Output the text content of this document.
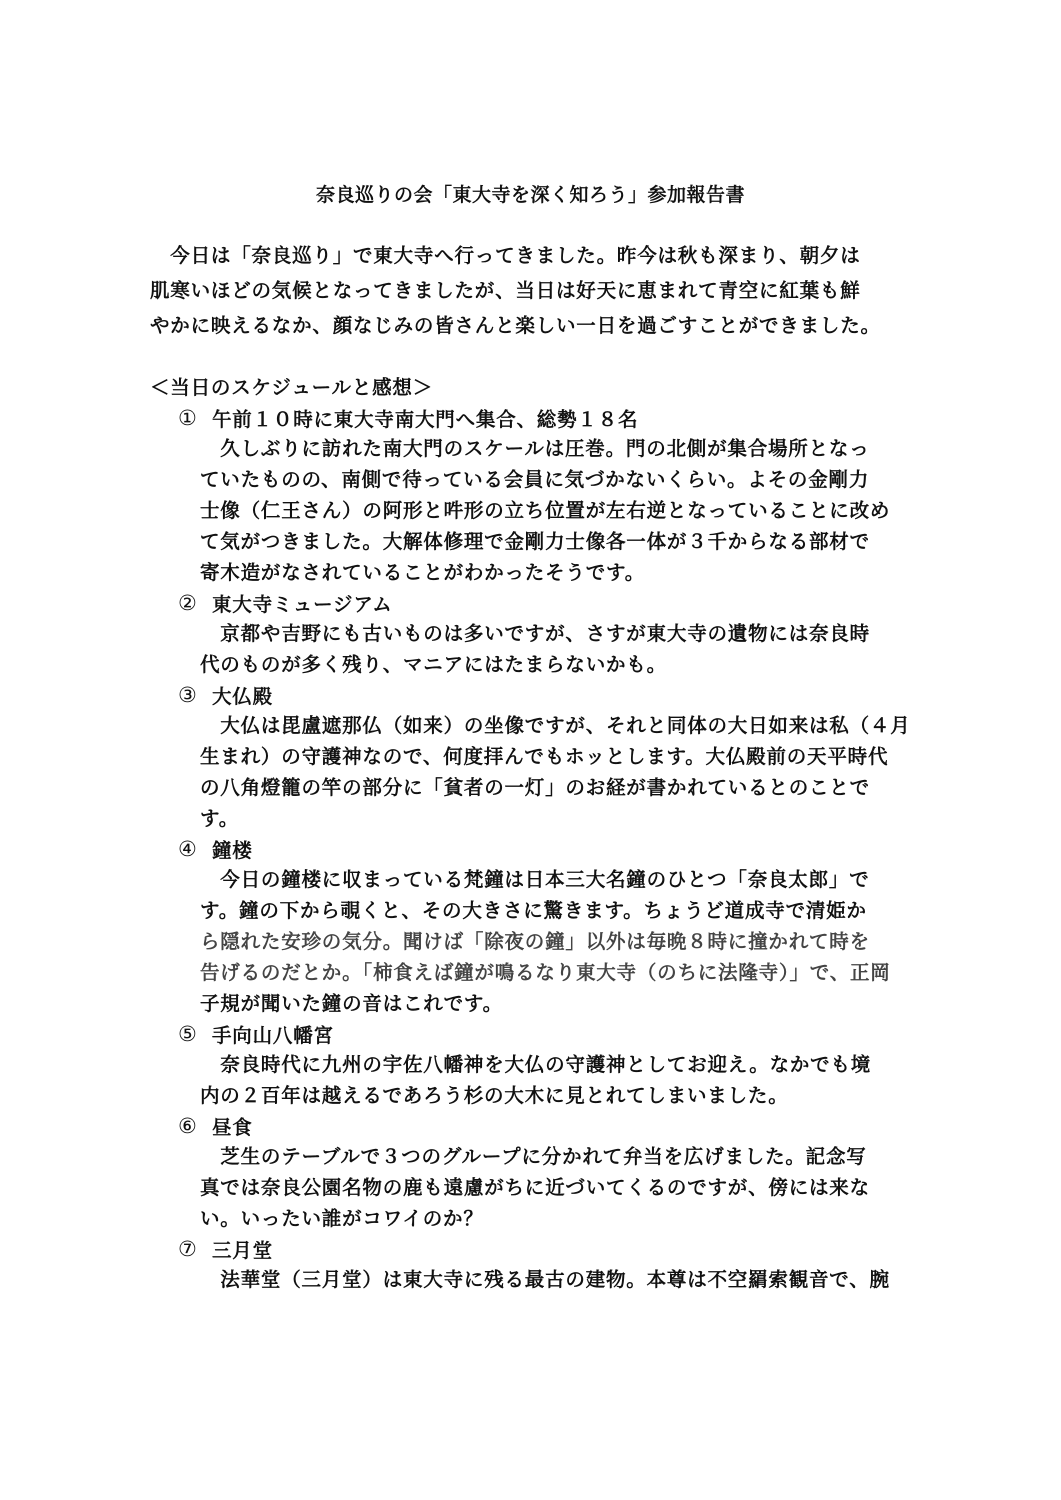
奈良巡りの会「東大寺を深く知ろう」参加報告書

　今日は「奈良巡り」で東大寺へ行ってきました。昨今は秋も深まり、朝夕は

肌寒いほどの気候となってきましたが、当日は好天に恵まれて青空に紅葉も鮮

やかに映えるなか、顔なじみの皆さんと楽しい一日を過ごすことができました。

＜当日のスケジュールと感想＞
① 午前１０時に東大寺南大門へ集合、総勢１８名

　久しぶりに訪れた南大門のスケールは圧巻。門の北側が集合場所となっ

ていたものの、南側で待っている会員に気づかないくらい。よその金剛力

士像（仁王さん）の阿形と吽形の立ち位置が左右逆となっていることに改め

て気がつきました。大解体修理で金剛力士像各一体が３千からなる部材で

寄木造がなされていることがわかったそうです。

② 東大寺ミュージアム

　京都や吉野にも古いものは多いですが、さすが東大寺の遺物には奈良時

代のものが多く残り、マニアにはたまらないかも。

③ 大仏殿

　大仏は毘盧遮那仏（如来）の坐像ですが、それと同体の大日如来は私（４月

生まれ）の守護神なので、何度拝んでもホッとします。大仏殿前の天平時代

の八角燈籠の竿の部分に「貧者の一灯」のお経が書かれているとのことで

す。

④ 鐘楼

　今日の鐘楼に収まっている梵鐘は日本三大名鐘のひとつ「奈良太郎」で

す。鐘の下から覗くと、その大きさに驚きます。ちょうど道成寺で清姫か

ら隠れた安珍の気分。聞けば「除夜の鐘」以外は毎晩８時に撞かれて時を

告げるのだとか。「柿食えば鐘が鳴るなり東大寺（のちに法隆寺）」で、正岡

子規が聞いた鐘の音はこれです。

⑤ 手向山八幡宮

　奈良時代に九州の宇佐八幡神を大仏の守護神としてお迎え。なかでも境

内の２百年は越えるであろう杉の大木に見とれてしまいました。

⑥ 昼食

　芝生のテーブルで３つのグループに分かれて弁当を広げました。記念写

真では奈良公園名物の鹿も遠慮がちに近づいてくるのですが、傍には来な

い。いったい誰がコワイのか？

⑦ 三月堂

　法華堂（三月堂）は東大寺に残る最古の建物。本尊は不空羂索観音で、腕
